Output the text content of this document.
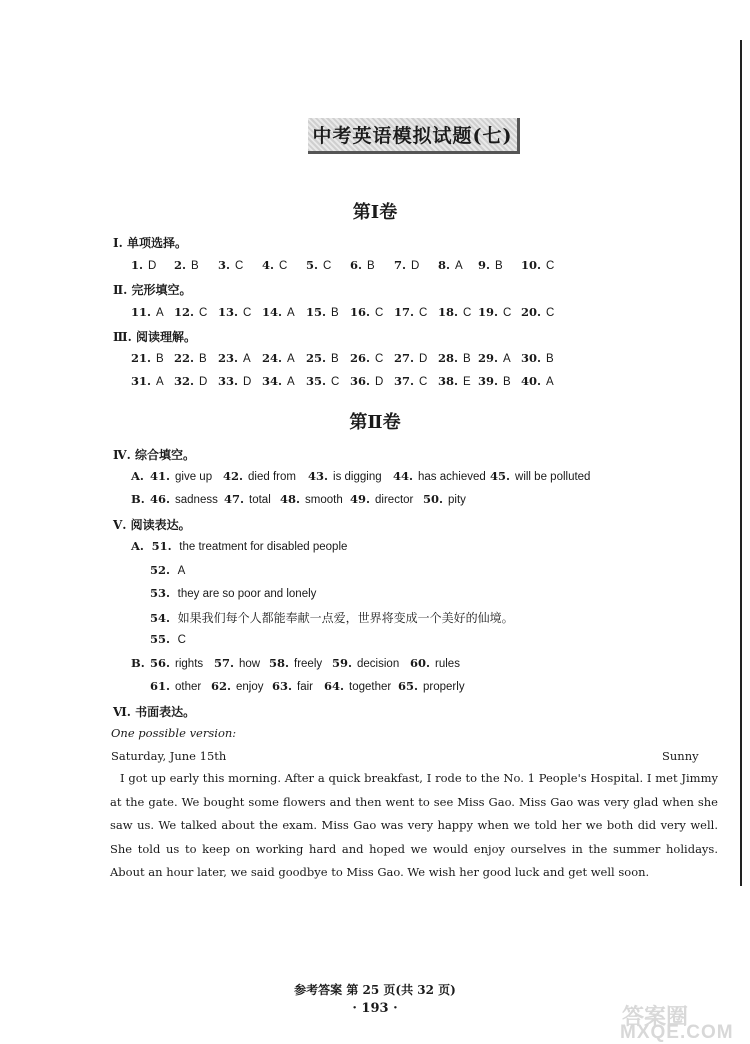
中考英语模拟试题(七)
第Ⅰ卷
Ⅰ. 单项选择。
1. D 2. B 3. C 4. C 5. C 6. B 7. D 8. A 9. B 10. C
Ⅱ. 完形填空。
11. A 12. C 13. C 14. A 15. B 16. C 17. C 18. C 19. C 20. C
Ⅲ. 阅读理解。
21. B 22. B 23. A 24. A 25. B 26. C 27. D 28. B 29. A 30. B
31. A 32. D 33. D 34. A 35. C 36. D 37. C 38. E 39. B 40. A
第Ⅱ卷
Ⅳ. 综合填空。
A. 41. give up 42. died from 43. is digging 44. has achieved 45. will be polluted
B. 46. sadness 47. total 48. smooth 49. director 50. pity
Ⅴ. 阅读表达。
A. 51. the treatment for disabled people
52. A
53. they are so poor and lonely
54. 如果我们每个人都能奉献一点爱，世界将变成一个美好的仙境。
55. C
B. 56. rights 57. how 58. freely 59. decision 60. rules
61. other 62. enjoy 63. fair 64. together 65. properly
Ⅵ. 书面表达。
One possible version:
Saturday, June 15th	Sunny
I got up early this morning. After a quick breakfast, I rode to the No. 1 People's Hospital. I met Jimmy at the gate. We bought some flowers and then went to see Miss Gao. Miss Gao was very glad when she saw us. We talked about the exam. Miss Gao was very happy when we told her we both did very well. She told us to keep on working hard and hoped we would enjoy ourselves in the summer holidays. About an hour later, we said goodbye to Miss Gao. We wish her good luck and get well soon.
参考答案 第 25 页(共 32 页)
· 193 ·	答案圈
MXQE.COM
